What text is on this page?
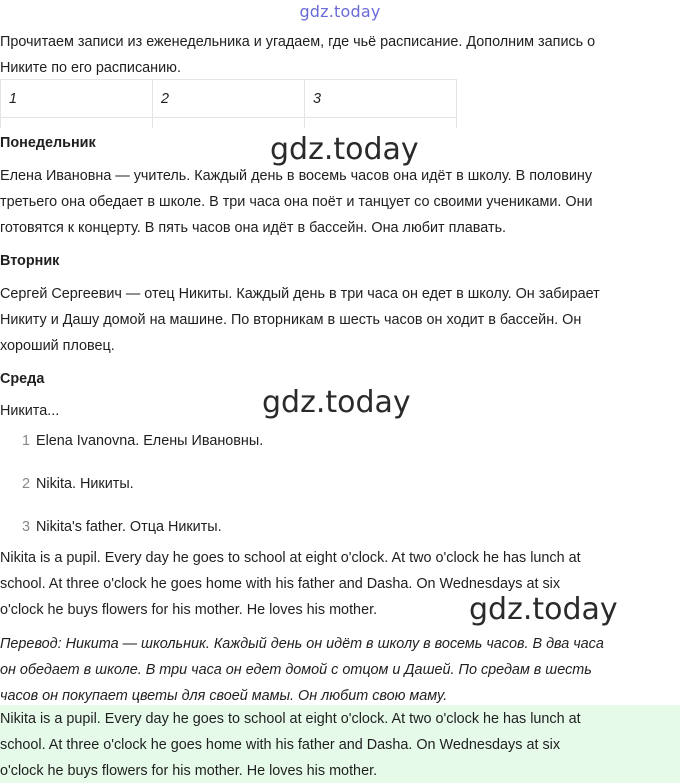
gdz.today
gdz.today
gdz.today
gdz.today
Прочитаем записи из еженедельника и угадаем, где чьё расписание. Дополним запись о
Никите по его расписанию.
1	2	3

Понедельник
Елена Ивановна — учитель. Каждый день в восемь часов она идёт в школу. В половину
третьего она обедает в школе. В три часа она поёт и танцует со своими учениками. Они
готовятся к концерту. В пять часов она идёт в бассейн. Она любит плавать.
Вторник
Сергей Сергеевич — отец Никиты. Каждый день в три часа он едет в школу. Он забирает
Никиту и Дашу домой на машине. По вторникам в шесть часов он ходит в бассейн. Он
хороший пловец.
Среда
Никита...
1 Elena Ivanovna. Елены Ивановны.
2 Nikita. Никиты.
3 Nikita's father. Отца Никиты.
Nikita is a pupil. Every day he goes to school at eight o'clock. At two o'clock he has lunch at
school. At three o'clock he goes home with his father and Dasha. On Wednesdays at six
o'clock he buys flowers for his mother. He loves his mother.
Перевод: Никита — школьник. Каждый день он идёт в школу в восемь часов. В два часа
он обедает в школе. В три часа он едет домой с отцом и Дашей. По средам в шесть
часов он покупает цветы для своей мамы. Он любит свою маму.
Nikita is a pupil. Every day he goes to school at eight o'clock. At two o'clock he has lunch at
school. At three o'clock he goes home with his father and Dasha. On Wednesdays at six
o'clock he buys flowers for his mother. He loves his mother.
